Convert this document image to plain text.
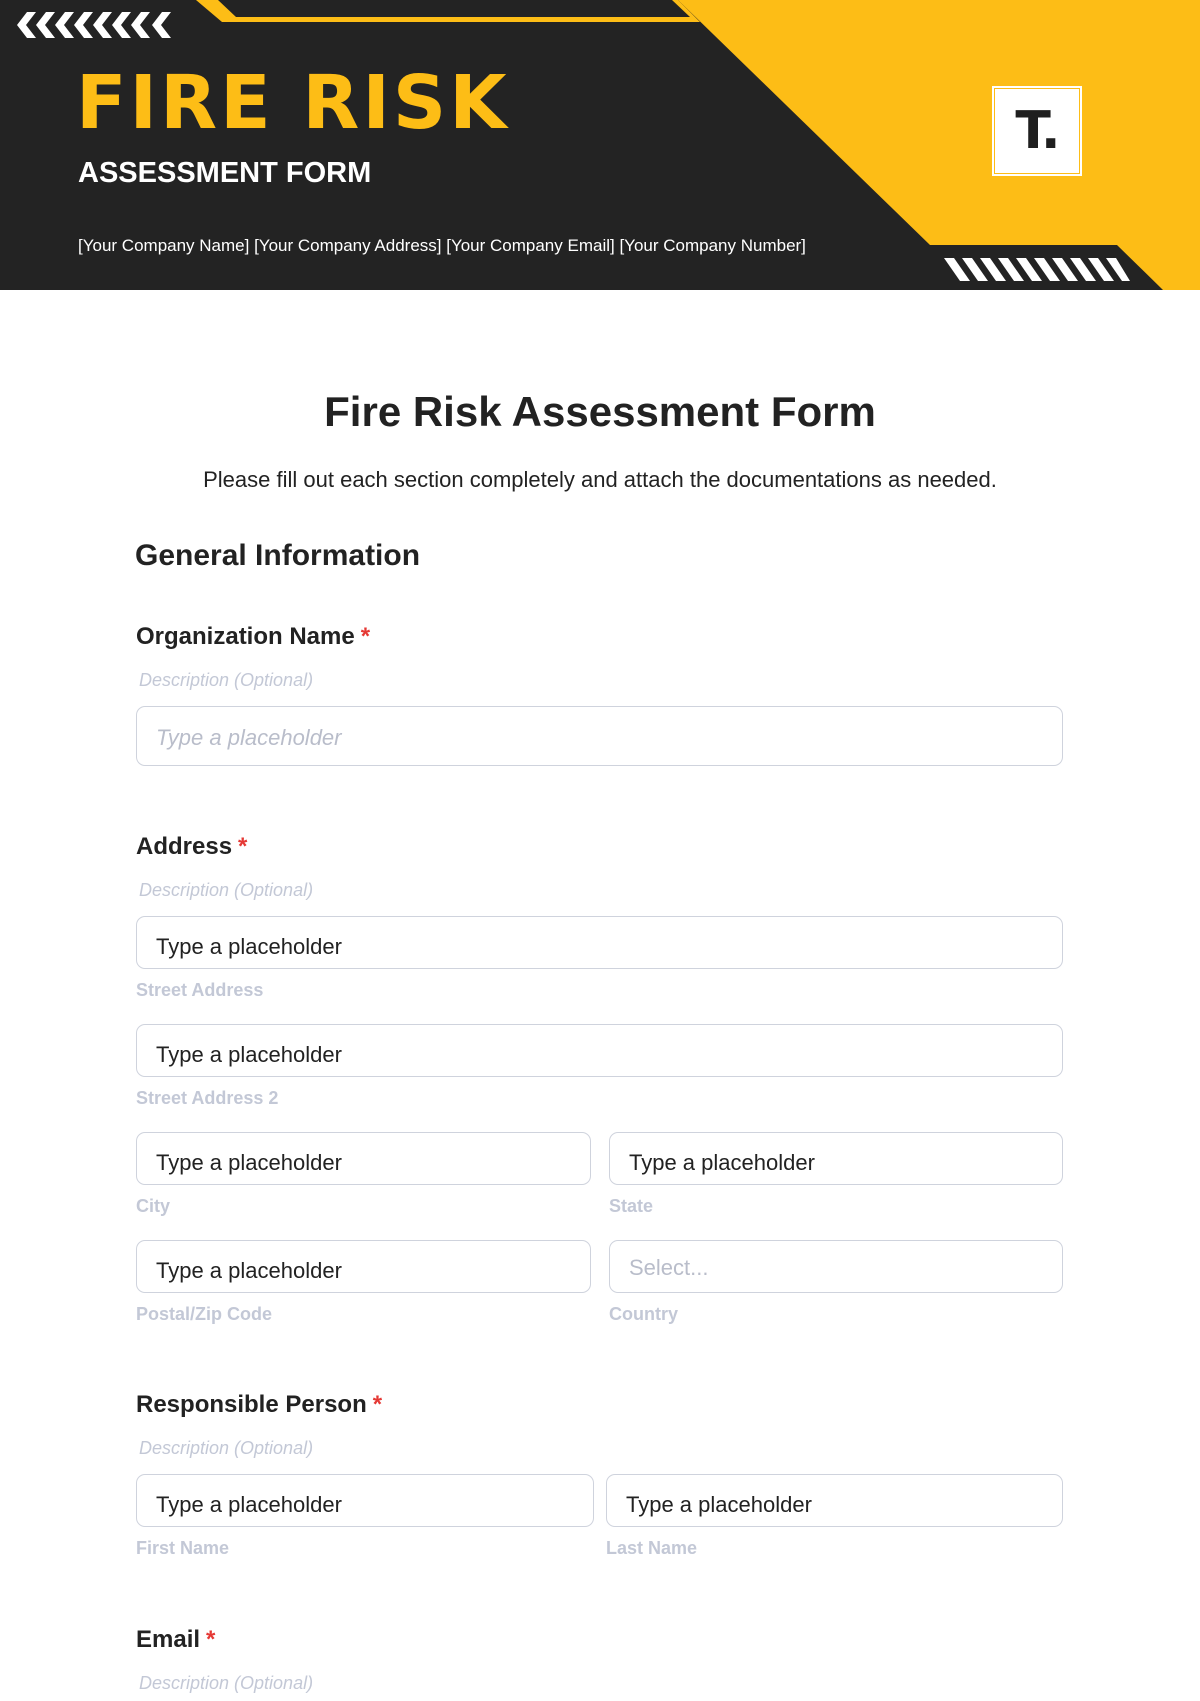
FIRE RISK
ASSESSMENT FORM
[Your Company Name] [Your Company Address] [Your Company Email] [Your Company Number]
T.
Fire Risk Assessment Form

Please fill out each section completely and attach the documentations as needed.

General Information
Organization Name *
Description (Optional)
Type a placeholder
Address *
Description (Optional)
Type a placeholder
Street Address
Type a placeholder
Street Address 2
Type a placeholder
City
Type a placeholder
State
Type a placeholder
Postal/Zip Code
Select...
Country
Responsible Person *
Description (Optional)
Type a placeholder
First Name
Type a placeholder
Last Name
Email *
Description (Optional)
